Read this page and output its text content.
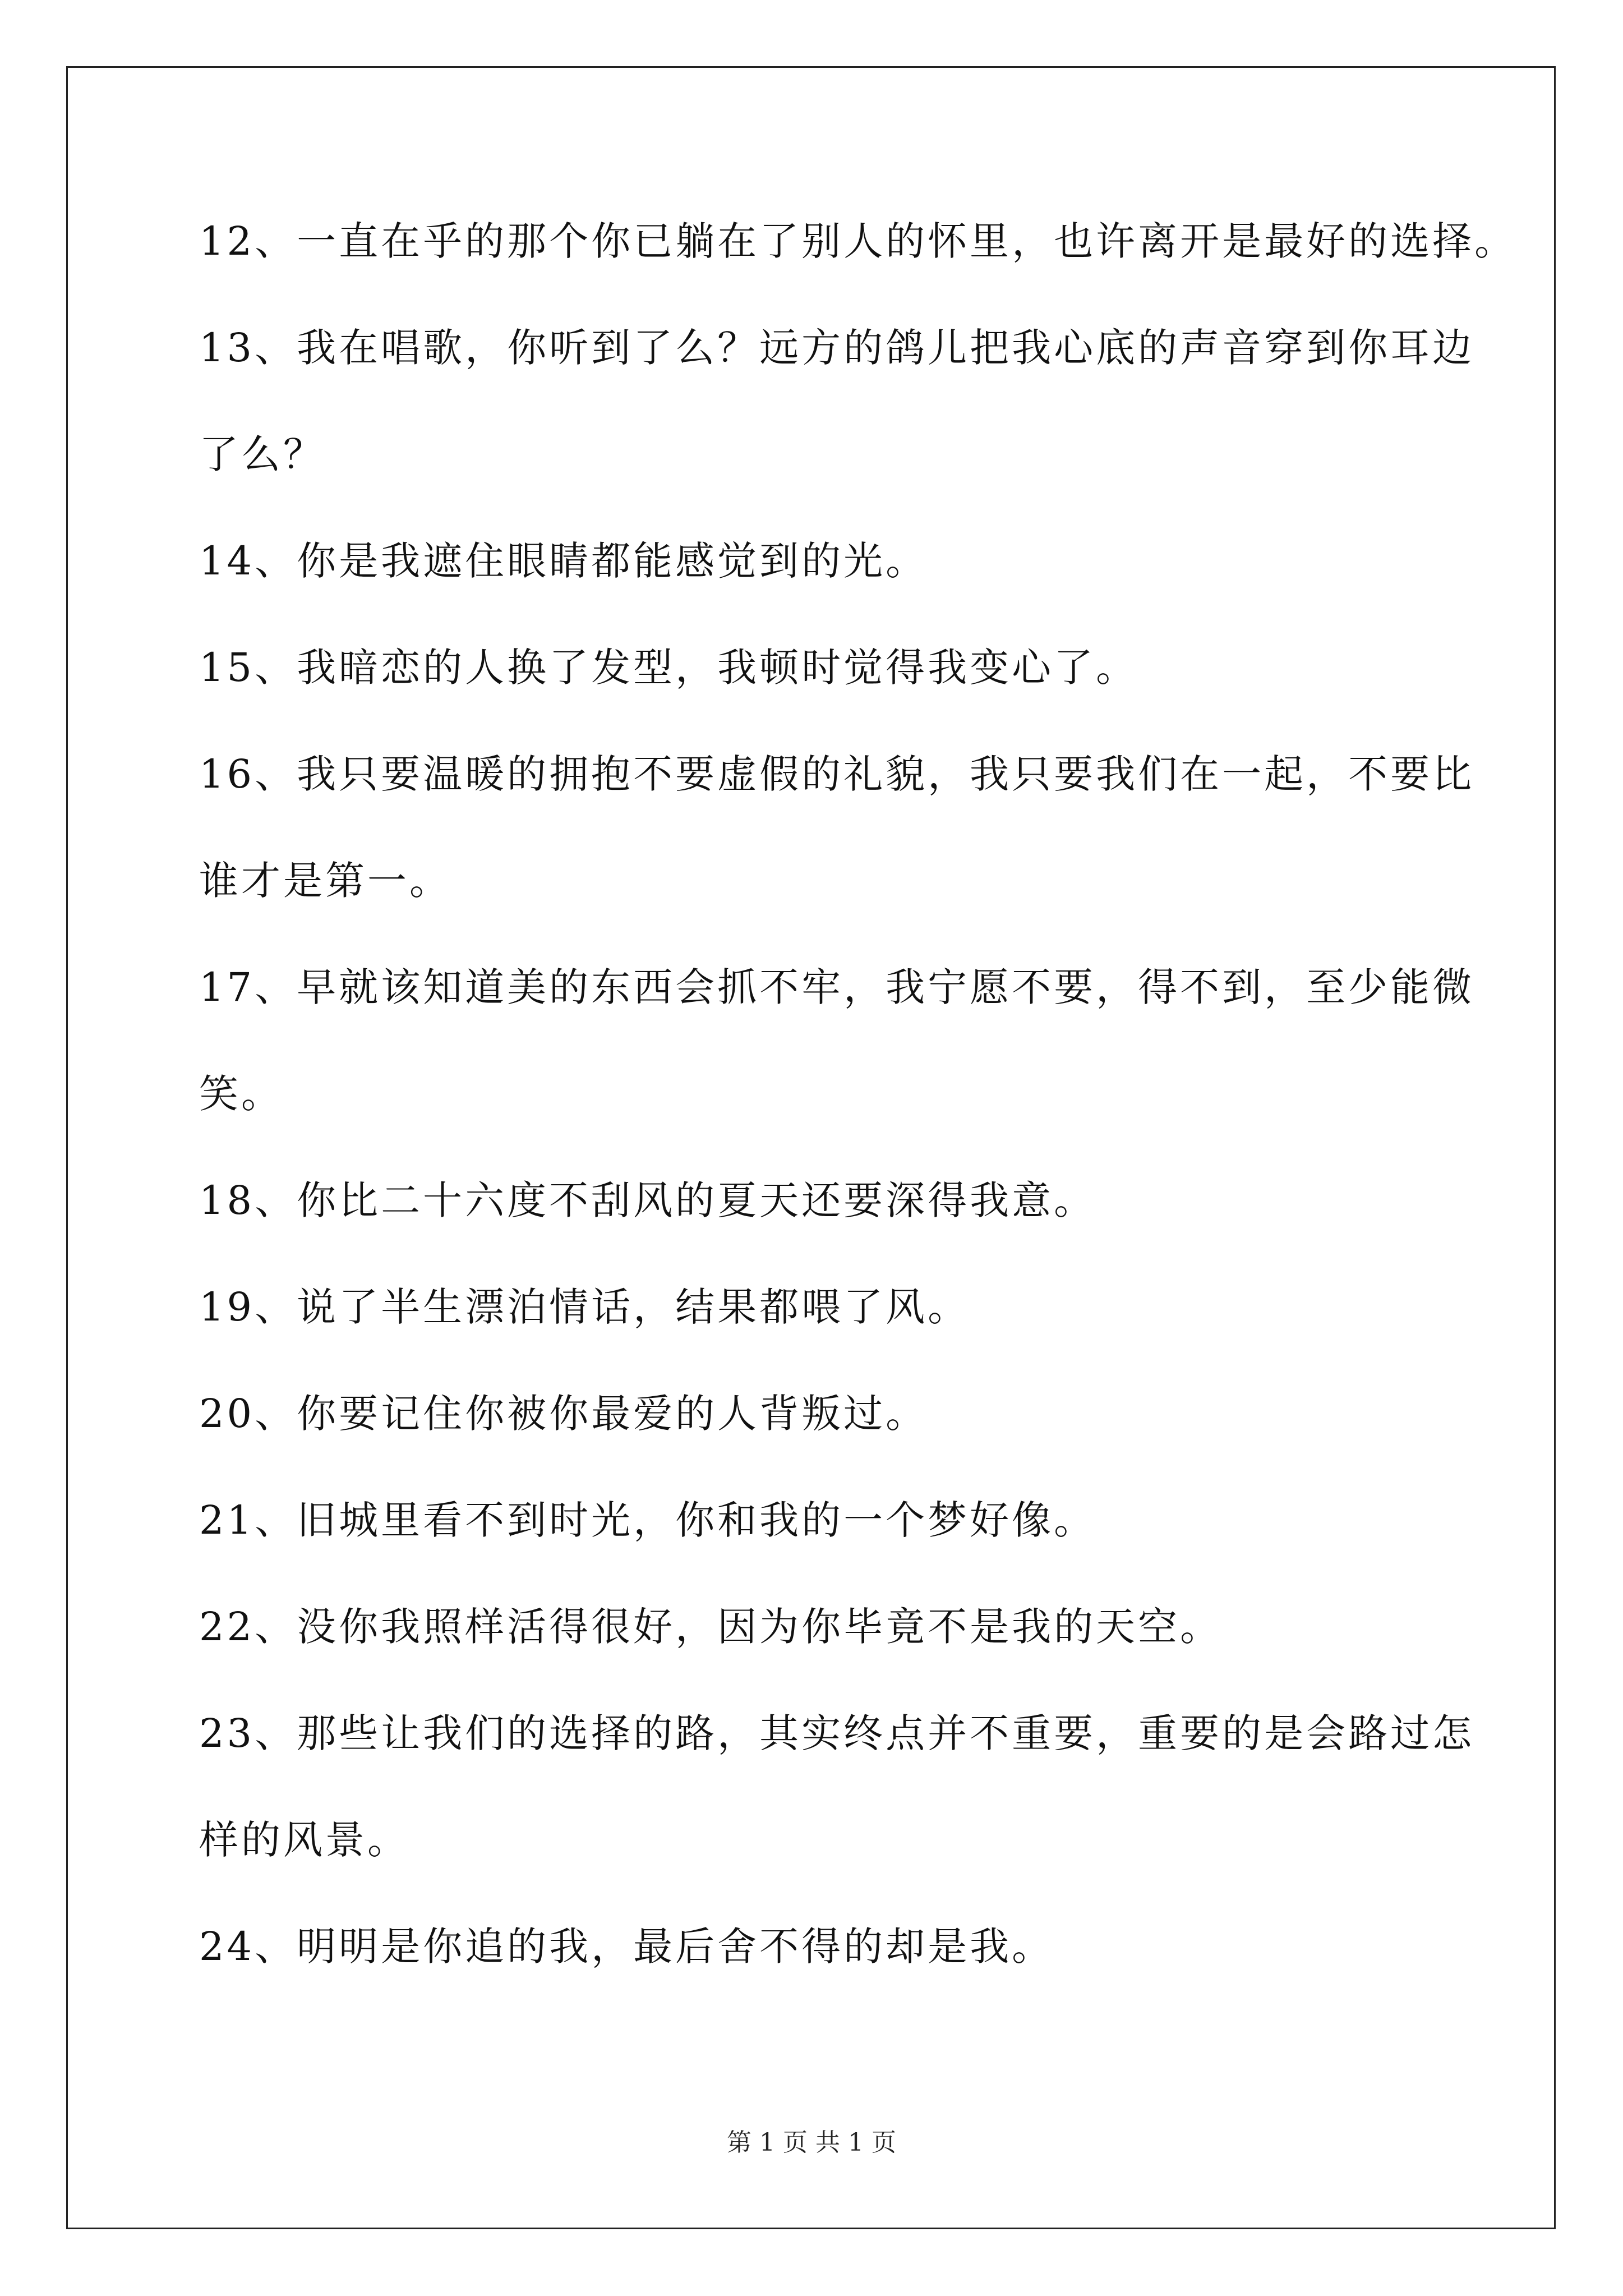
12、一直在乎的那个你已躺在了别人的怀里，也许离开是最好的选择。
13、我在唱歌，你听到了么？远方的鸽儿把我心底的声音穿到你耳边
了么？
14、你是我遮住眼睛都能感觉到的光。
15、我暗恋的人换了发型，我顿时觉得我变心了。
16、我只要温暖的拥抱不要虚假的礼貌，我只要我们在一起，不要比
谁才是第一。
17、早就该知道美的东西会抓不牢，我宁愿不要，得不到，至少能微
笑。
18、你比二十六度不刮风的夏天还要深得我意。
19、说了半生漂泊情话，结果都喂了风。
20、你要记住你被你最爱的人背叛过。
21、旧城里看不到时光，你和我的一个梦好像。
22、没你我照样活得很好，因为你毕竟不是我的天空。
23、那些让我们的选择的路，其实终点并不重要，重要的是会路过怎
样的风景。
24、明明是你追的我，最后舍不得的却是我。
第 1 页 共 1 页
